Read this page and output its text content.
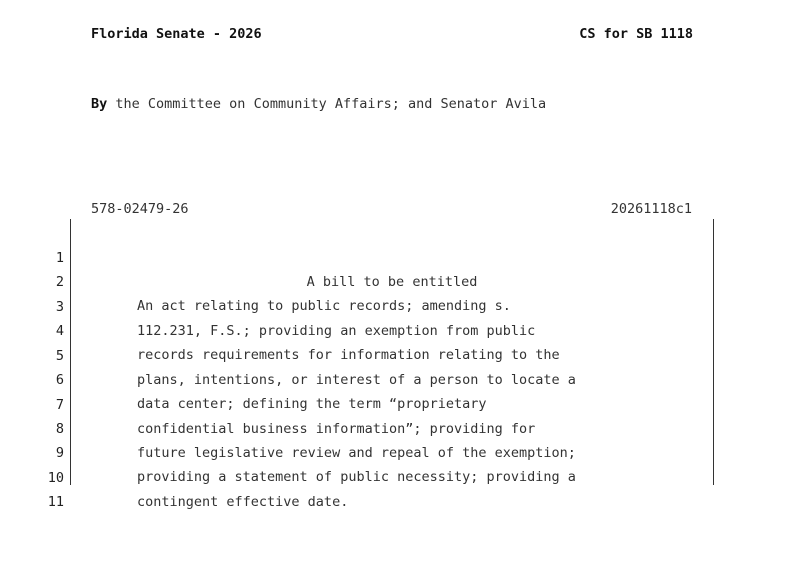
Florida Senate - 2026	CS for SB 1118
By the Committee on Community Affairs; and Senator Avila
578-02479-26	20261118c1

1

A bill to be entitled

2

An act relating to public records; amending s.

3

112.231, F.S.; providing an exemption from public

4

records requirements for information relating to the

5

plans, intentions, or interest of a person to locate a

6

data center; defining the term “proprietary

7

confidential business information”; providing for

8

future legislative review and repeal of the exemption;

9

providing a statement of public necessity; providing a

10

contingent effective date.

11
